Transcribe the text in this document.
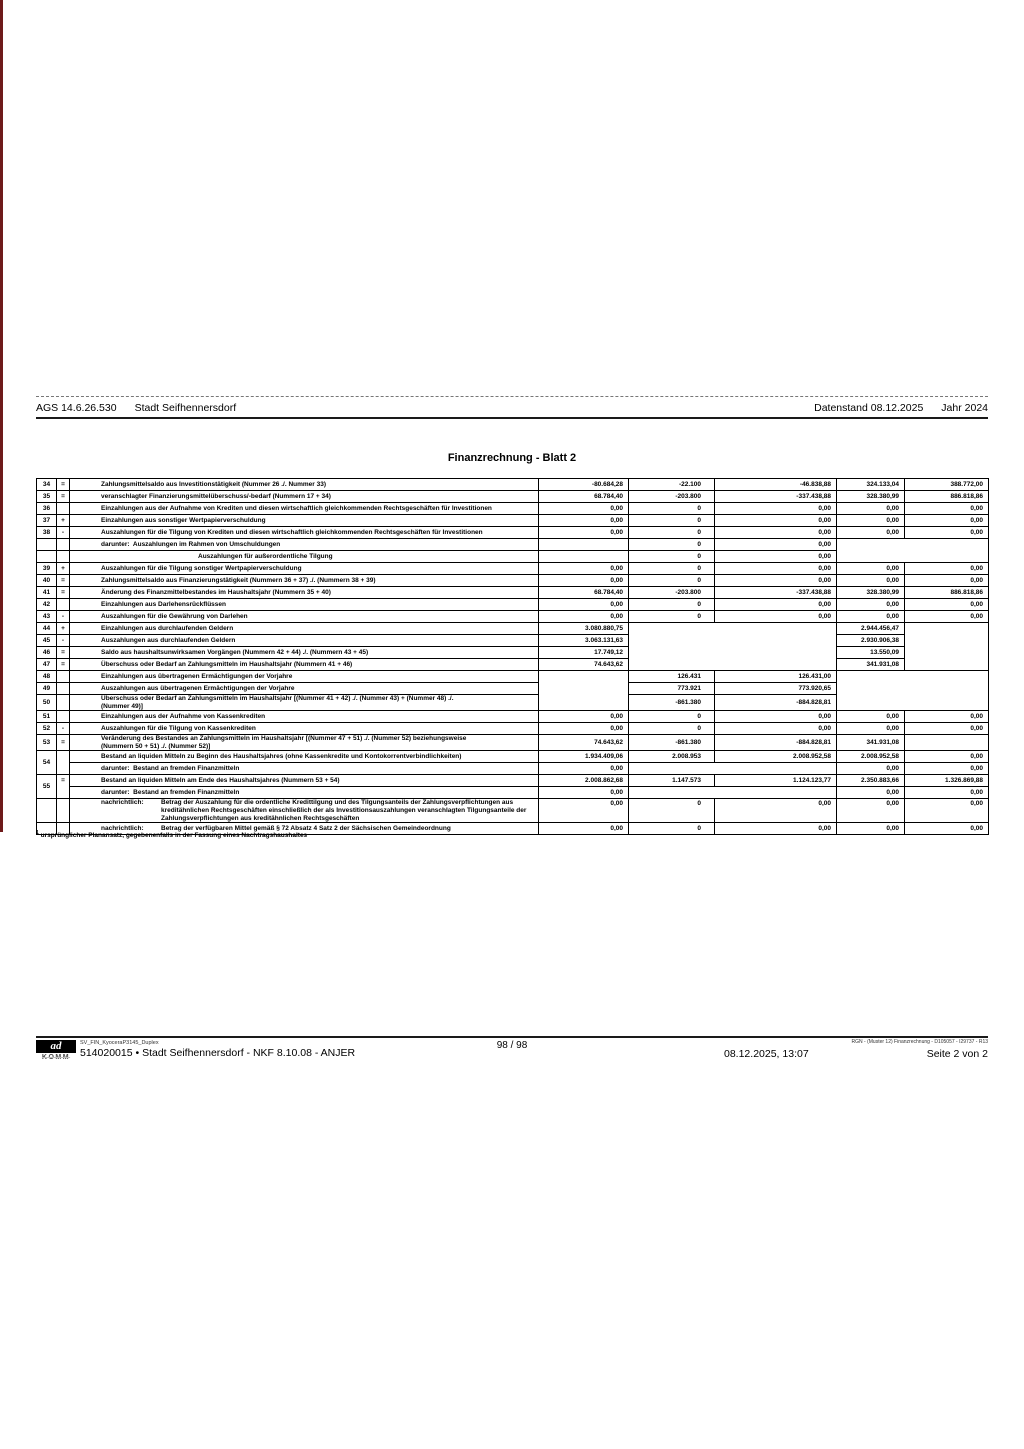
AGS 14.6.26.530 Stadt Seifhennersdorf	Datenstand 08.12.2025 Jahr 2024
Finanzrechnung - Blatt 2
34	=	Zahlungsmittelsaldo aus Investitionstätigkeit (Nummer 26 ./. Nummer 33)	-80.684,28	-22.100	-46.838,88	324.133,04	388.772,00
35	=	veranschlagter Finanzierungsmittelüberschuss/-bedarf (Nummern 17 + 34)	68.784,40	-203.800	-337.438,88	328.380,99	886.818,86
36		Einzahlungen aus der Aufnahme von Krediten und diesen wirtschaftlich gleichkommenden Rechtsgeschäften für Investitionen	0,00	0	0,00	0,00	0,00
37	+	Einzahlungen aus sonstiger Wertpapierverschuldung	0,00	0	0,00	0,00	0,00
38	-	Auszahlungen für die Tilgung von Krediten und diesen wirtschaftlich gleichkommenden Rechtsgeschäften für Investitionen	0,00	0	0,00	0,00	0,00
		darunter:  Auszahlungen im Rahmen von Umschuldungen		0	0,00		
		Auszahlungen für außerordentliche Tilgung		0	0,00		
39	+	Auszahlungen für die Tilgung sonstiger Wertpapierverschuldung	0,00	0	0,00	0,00	0,00
40	=	Zahlungsmittelsaldo aus Finanzierungstätigkeit (Nummern 36 + 37) ./. (Nummern 38 + 39)	0,00	0	0,00	0,00	0,00
41	=	Änderung des Finanzmittelbestandes im Haushaltsjahr (Nummern 35 + 40)	68.784,40	-203.800	-337.438,88	328.380,99	886.818,86
42		Einzahlungen aus Darlehensrückflüssen	0,00	0	0,00	0,00	0,00
43	-	Auszahlungen für die Gewährung von Darlehen	0,00	0	0,00	0,00	0,00
44	+	Einzahlungen aus durchlaufenden Geldern	3.080.880,75			2.944.456,47	
45	-	Auszahlungen aus durchlaufenden Geldern	3.063.131,63			2.930.906,38	
46	=	Saldo aus haushaltsunwirksamen Vorgängen (Nummern 42 + 44) ./. (Nummern 43 + 45)	17.749,12			13.550,09	
47	=	Überschuss oder Bedarf an Zahlungsmitteln im Haushaltsjahr (Nummern 41 + 46)	74.643,62			341.931,08	
48		Einzahlungen aus übertragenen Ermächtigungen der Vorjahre		126.431	126.431,00		
49		Auszahlungen aus übertragenen Ermächtigungen der Vorjahre		773.921	773.920,65		
50		Überschuss oder Bedarf an Zahlungsmitteln im Haushaltsjahr [(Nummer 41 + 42) ./. (Nummer 43) + (Nummer 48) ./.
(Nummer 49)]		-861.380	-884.828,81		
51		Einzahlungen aus der Aufnahme von Kassenkrediten	0,00	0	0,00	0,00	0,00
52	-	Auszahlungen für die Tilgung von Kassenkrediten	0,00	0	0,00	0,00	0,00
53	=	Veränderung des Bestandes an Zahlungsmitteln im Haushaltsjahr [(Nummer 47 + 51) ./. (Nummer 52) beziehungsweise
(Nummern 50 + 51) ./. (Nummer 52)]	74.643,62	-861.380	-884.828,81	341.931,08	
54		Bestand an liquiden Mitteln zu Beginn des Haushaltsjahres (ohne Kassenkredite und Kontokorrentverbindlichkeiten)	1.934.409,06	2.008.953	2.008.952,58	2.008.952,58	0,00
		darunter:  Bestand an fremden Finanzmitteln	0,00			0,00	0,00
55	=	Bestand an liquiden Mitteln am Ende des Haushaltsjahres (Nummern 53 + 54)	2.008.862,68	1.147.573	1.124.123,77	2.350.883,66	1.326.869,88
		darunter:  Bestand an fremden Finanzmitteln	0,00			0,00	0,00

		nachrichtlich: Betrag der Auszahlung für die ordentliche Kredittilgung und des Tilgungsanteils der Zahlungsverpflichtungen aus
kreditähnlichen Rechtsgeschäften einschließlich der als Investitionsauszahlungen veranschlagten Tilgungsanteile der
Zahlungsverpflichtungen aus kreditähnlichen Rechtsgeschäften	0,00	0	0,00	0,00	0,00

		nachrichtlich: Betrag der verfügbaren Mittel gemäß § 72 Absatz 4 Satz 2 der Sächsischen Gemeindeordnung	0,00	0	0,00	0,00	0,00
$^1$ ursprünglicher Planansatz, gegebenenfalls in der Fassung eines Nachtragshaushaltes
ad
KOMM
SV_FIN_KyoceraP3145_Duplex
514020015 • Stadt Seifhennersdorf - NKF 8.10.08 - ANJER
98 / 98	RGN - (Muster 12) Finanzrechnung - D105057 - I29737 - R13
08.12.2025, 13:07	Seite 2 von 2
